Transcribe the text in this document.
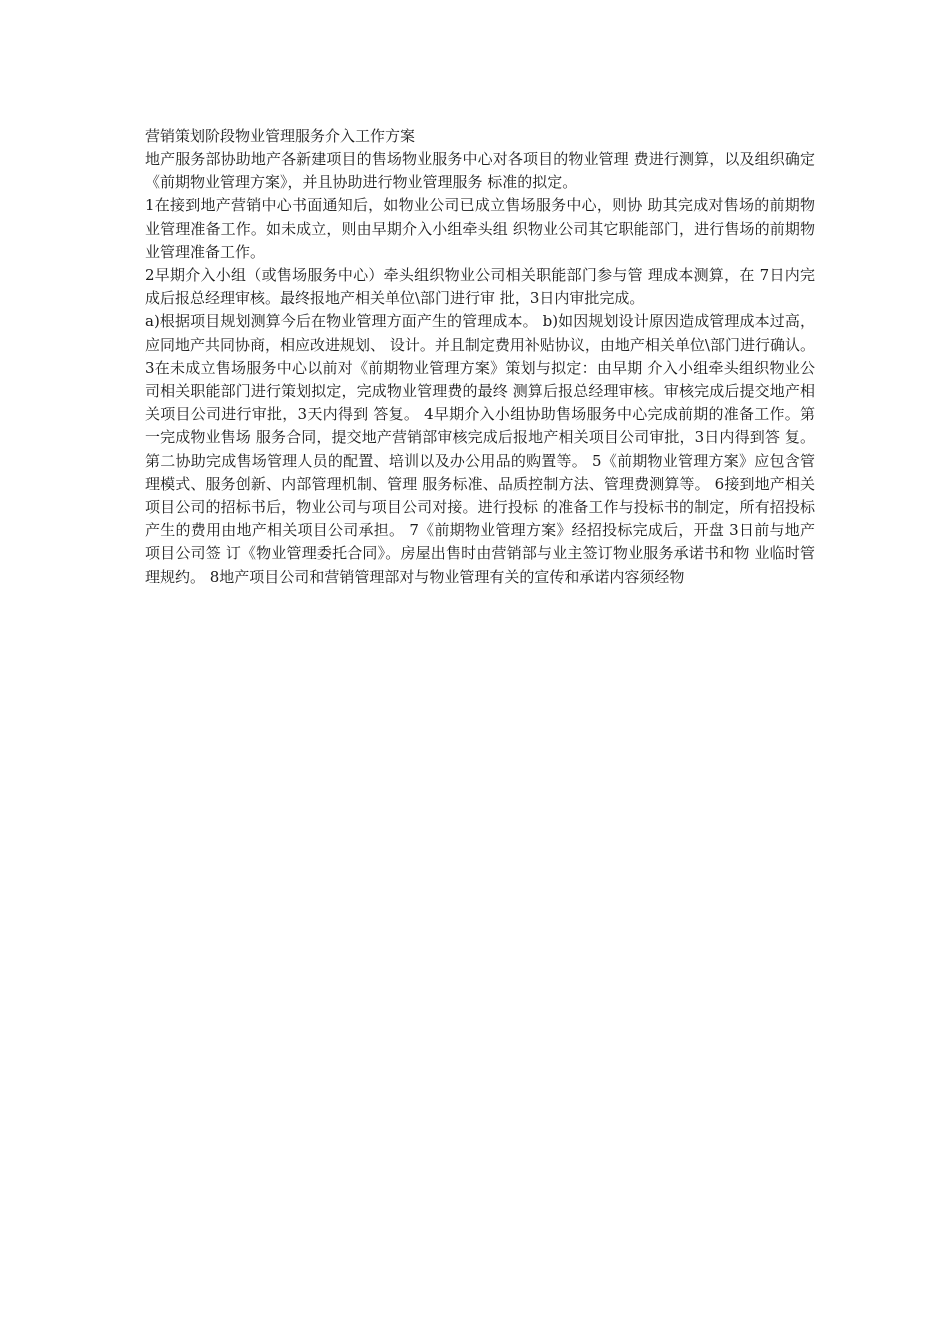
营销策划阶段物业管理服务介入工作方案

地产服务部协助地产各新建项目的售场物业服务中心对各项目的物业管理 费进行测算，以及组织确定《前期物业管理方案》，并且协助进行物业管理服务 标准的拟定。

1在接到地产营销中心书面通知后，如物业公司已成立售场服务中心，则协 助其完成对售场的前期物业管理准备工作。如未成立，则由早期介入小组牵头组 织物业公司其它职能部门，进行售场的前期物业管理准备工作。

2早期介入小组（或售场服务中心）牵头组织物业公司相关职能部门参与管 理成本测算，在 7日内完成后报总经理审核。最终报地产相关单位\部门进行审 批，3日内审批完成。

a)根据项目规划测算今后在物业管理方面产生的管理成本。 b)如因规划设计原因造成管理成本过高，应同地产共同协商，相应改进规划、 设计。并且制定费用补贴协议，由地产相关单位\部门进行确认。 3在未成立售场服务中心以前对《前期物业管理方案》策划与拟定：由早期 介入小组牵头组织物业公司相关职能部门进行策划拟定，完成物业管理费的最终 测算后报总经理审核。审核完成后提交地产相关项目公司进行审批，3天内得到 答复。 4早期介入小组协助售场服务中心完成前期的准备工作。第一完成物业售场 服务合同，提交地产营销部审核完成后报地产相关项目公司审批，3日内得到答 复。第二协助完成售场管理人员的配置、培训以及办公用品的购置等。 5《前期物业管理方案》应包含管理模式、服务创新、内部管理机制、管理 服务标准、品质控制方法、管理费测算等。 6接到地产相关项目公司的招标书后，物业公司与项目公司对接。进行投标 的准备工作与投标书的制定，所有招投标产生的费用由地产相关项目公司承担。 7《前期物业管理方案》经招投标完成后，开盘 3日前与地产项目公司签 订《物业管理委托合同》。房屋出售时由营销部与业主签订物业服务承诺书和物 业临时管理规约。 8地产项目公司和营销管理部对与物业管理有关的宣传和承诺内容须经物
